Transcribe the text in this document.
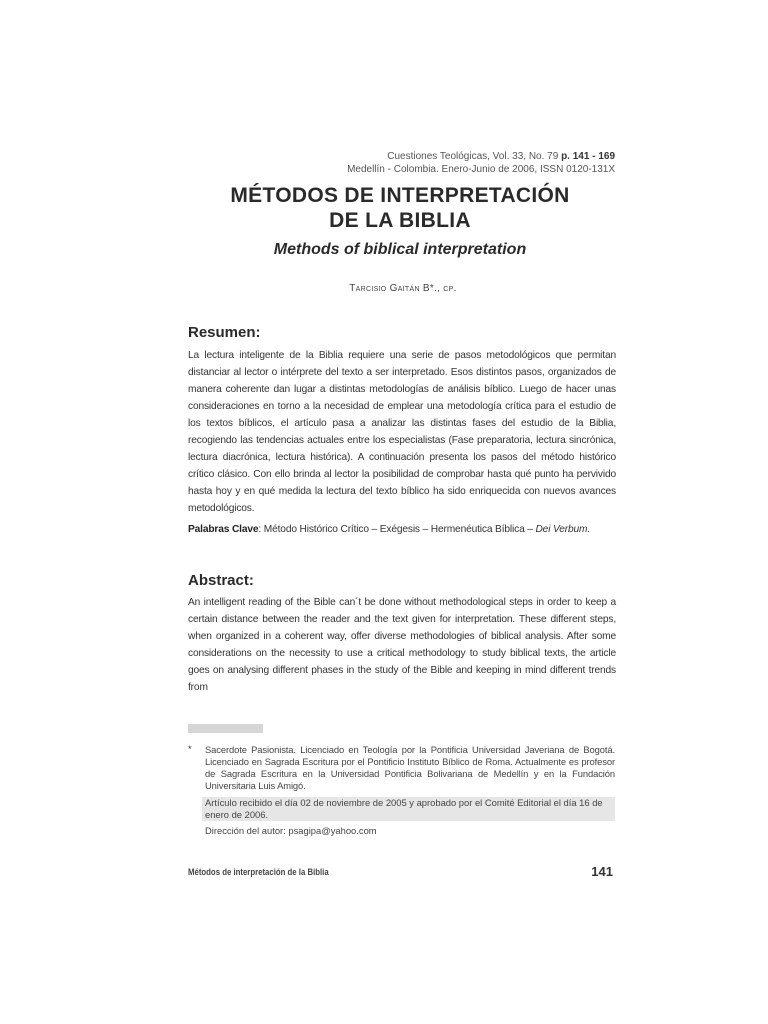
Cuestiones Teológicas, Vol. 33, No. 79 p. 141 - 169
Medellín - Colombia. Enero-Junio de 2006, ISSN 0120-131X
MÉTODOS DE INTERPRETACIÓN
DE LA BIBLIA
Methods of biblical interpretation
Tarcisio Gaitán B*., cp.
Resumen:
La lectura inteligente de la Biblia requiere una serie de pasos metodológicos que permitan distanciar al lector o intérprete del texto a ser interpretado. Esos distintos pasos, organizados de manera coherente dan lugar a distintas metodologías de análisis bíblico. Luego de hacer unas consideraciones en torno a la necesidad de emplear una metodología crítica para el estudio de los textos bíblicos, el artículo pasa a analizar las distintas fases del estudio de la Biblia, recogiendo las tendencias actuales entre los especialistas (Fase preparatoria, lectura sincrónica, lectura diacrónica, lectura histórica). A continuación presenta los pasos del método histórico crítico clásico. Con ello brinda al lector la posibilidad de comprobar hasta qué punto ha pervivido hasta hoy y en qué medida la lectura del texto bíblico ha sido enriquecida con nuevos avances metodológicos.
Palabras Clave: Método Histórico Crítico – Exégesis – Hermenéutica Bíblica – Dei Verbum.
Abstract:
An intelligent reading of the Bible can´t be done without methodological steps in order to keep a certain distance between the reader and the text given for interpretation. These different steps, when organized in a coherent way, offer diverse methodologies of biblical analysis. After some considerations on the necessity to use a critical methodology to study biblical texts, the article goes on analysing different phases in the study of the Bible and keeping in mind different trends from
* Sacerdote Pasionista. Licenciado en Teología por la Pontificia Universidad Javeriana de Bogotá. Licenciado en Sagrada Escritura por el Pontificio Instituto Bíblico de Roma. Actualmente es profesor de Sagrada Escritura en la Universidad Pontificia Bolivariana de Medellín y en la Fundación Universitaria Luis Amigó.
Artículo recibido el día 02 de noviembre de 2005 y aprobado por el Comité Editorial el día 16 de enero de 2006.
Dirección del autor: psagipa@yahoo.com
Métodos de interpretación de la Biblia	141
